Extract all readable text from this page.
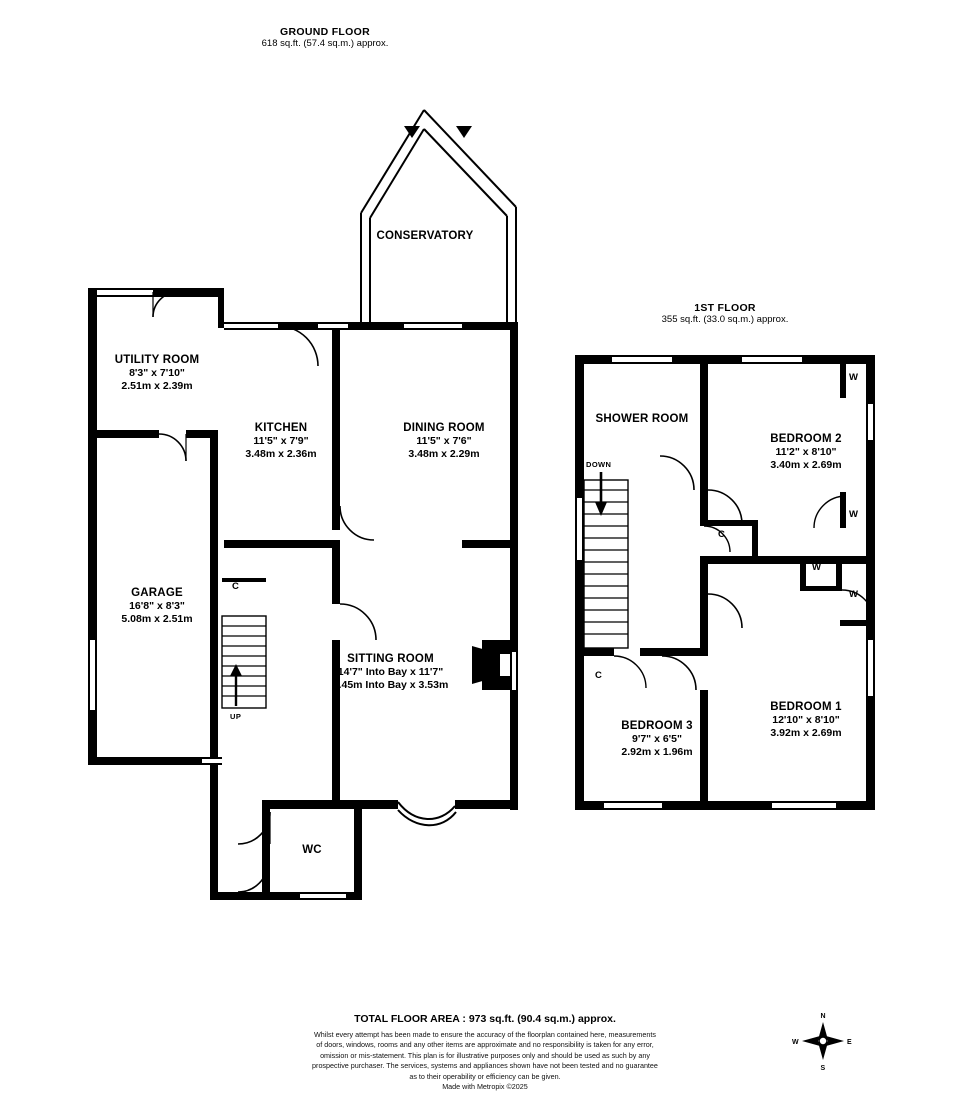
GROUND FLOOR
618 sq.ft. (57.4 sq.m.) approx.
1ST FLOOR
355 sq.ft. (33.0 sq.m.) approx.
CONSERVATORY
UTILITY ROOM
8'3" x 7'10"
2.51m x 2.39m
KITCHEN
11'5" x 7'9"
3.48m x 2.36m
DINING ROOM
11'5" x 7'6"
3.48m x 2.29m
GARAGE
16'8" x 8'3"
5.08m x 2.51m
SITTING ROOM
14'7" Into Bay x 11'7"
4.45m Into Bay x 3.53m
WC
C
UP
SHOWER ROOM
BEDROOM 2
11'2" x 8'10"
3.40m x 2.69m
BEDROOM 1
12'10" x 8'10"
3.92m x 2.69m
BEDROOM 3
9'7" x 6'5"
2.92m x 1.96m
DOWN
C
C
W
W
W
W
TOTAL FLOOR AREA : 973 sq.ft. (90.4 sq.m.) approx.
Whilst every attempt has been made to ensure the accuracy of the floorplan contained here, measurements
of doors, windows, rooms and any other items are approximate and no responsibility is taken for any error,
omission or mis-statement. This plan is for illustrative purposes only and should be used as such by any
prospective purchaser. The services, systems and appliances shown have not been tested and no guarantee
as to their operability or efficiency can be given.
Made with Metropix ©2025
N
S
E
W
